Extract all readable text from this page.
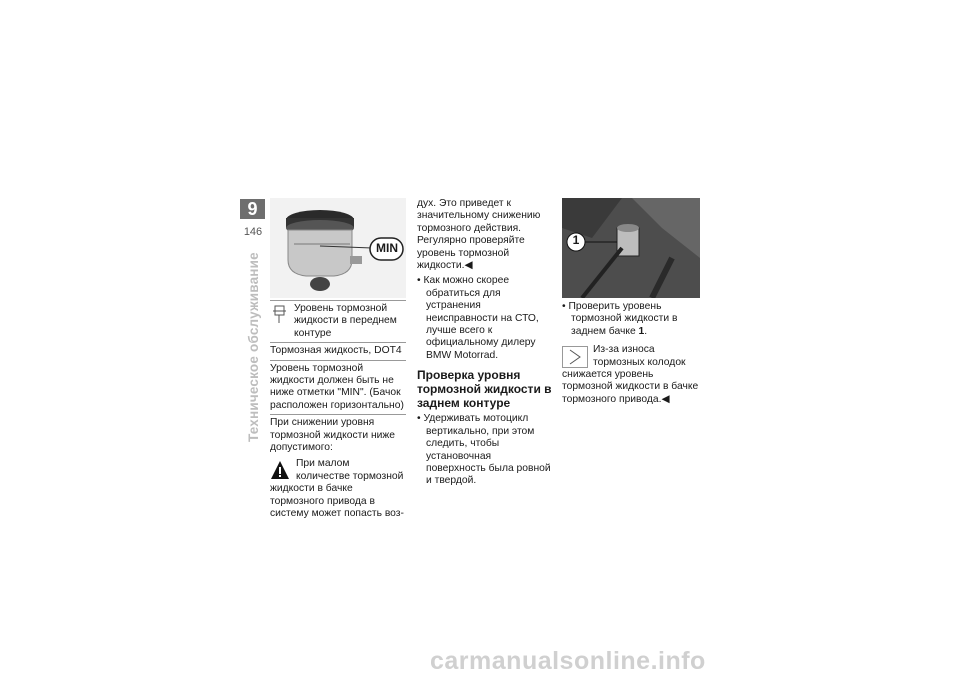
9
146
Техническое обслуживание
MIN
Уровень тормозной жидкости в переднем контуре
Тормозная жидкость, DOT4
Уровень тормозной жидкости должен быть не ниже отметки "MIN". (Бачок расположен горизонтально)

При снижении уровня тормозной жидкости ниже допустимого:

При малом количестве тормозной жидкости в бачке тормозного привода в систему может попасть воз-

дух. Это приведет к значительному снижению тормозного действия.

Регулярно проверяйте уровень тормозной жидкости.◀

• Как можно скорее обратиться для устранения неисправности на СТО, лучше всего к официальному дилеру BMW Motorrad.

Проверка уровня тормозной жидкости в заднем контуре

• Удерживать мотоцикл вертикально, при этом следить, чтобы установочная поверхность была ровной и твердой.

1

• Проверить уровень тормозной жидкости в заднем бачке 1.

Из-за износа тормозных колодок снижается уровень тормозной жидкости в бачке тормозного привода.◀
carmanualsonline.info
